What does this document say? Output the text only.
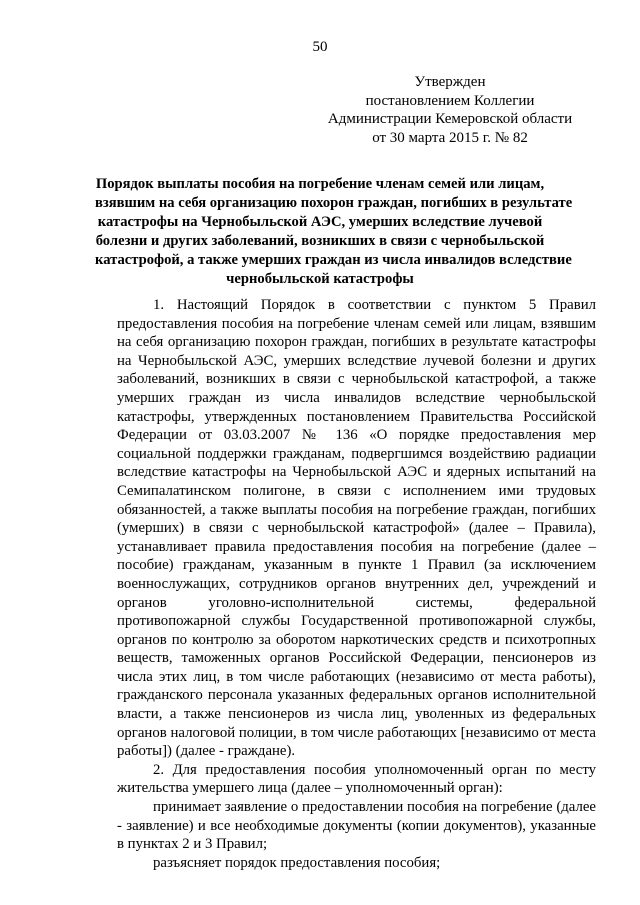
50
Утвержден
постановлением Коллегии
Администрации Кемеровской области
от 30 марта 2015 г. № 82
Порядок выплаты пособия на погребение членам семей или лицам,
взявшим на себя организацию похорон граждан, погибших в результате
катастрофы на Чернобыльской АЭС, умерших вследствие лучевой
болезни и других заболеваний, возникших в связи с чернобыльской
катастрофой, а также умерших граждан из числа инвалидов вследствие
чернобыльской катастрофы

1. Настоящий Порядок в соответствии с пунктом 5 Правил предоставления пособия на погребение членам семей или лицам, взявшим на себя организацию похорон граждан, погибших в результате катастрофы на Чернобыльской АЭС, умерших вследствие лучевой болезни и других заболеваний, возникших в связи с чернобыльской катастрофой, а также умерших граждан из числа инвалидов вследствие чернобыльской катастрофы, утвержденных постановлением Правительства Российской Федерации от 03.03.2007 № 136 «О порядке предоставления мер социальной поддержки гражданам, подвергшимся воздействию радиации вследствие катастрофы на Чернобыльской АЭС и ядерных испытаний на Семипалатинском полигоне, в связи с исполнением ими трудовых обязанностей, а также выплаты пособия на погребение граждан, погибших (умерших) в связи с чернобыльской катастрофой» (далее – Правила), устанавливает правила предоставления пособия на погребение (далее – пособие) гражданам, указанным в пункте 1 Правил (за исключением военнослужащих, сотрудников органов внутренних дел, учреждений и органов уголовно-исполнительной системы, федеральной противопожарной службы Государственной противопожарной службы, органов по контролю за оборотом наркотических средств и психотропных веществ, таможенных органов Российской Федерации, пенсионеров из числа этих лиц, в том числе работающих (независимо от места работы), гражданского персонала указанных федеральных органов исполнительной власти, а также пенсионеров из числа лиц, уволенных из федеральных органов налоговой полиции, в том числе работающих [независимо от места работы]) (далее - граждане).

2. Для предоставления пособия уполномоченный орган по месту жительства умершего лица (далее – уполномоченный орган):

принимает заявление о предоставлении пособия на погребение (далее - заявление) и все необходимые документы (копии документов), указанные в пунктах 2 и 3 Правил;

разъясняет порядок предоставления пособия;
